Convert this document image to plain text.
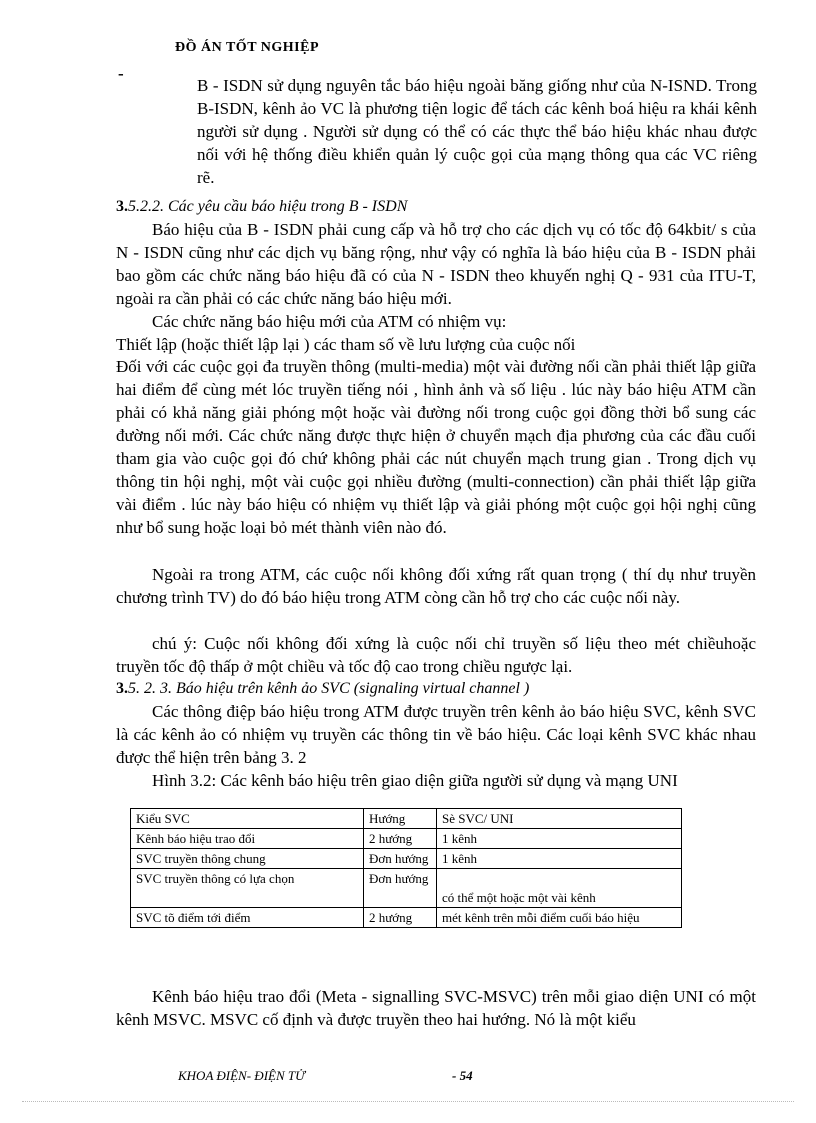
ĐỒ ÁN TỐT NGHIỆP
-

B - ISDN sử dụng nguyên tắc báo hiệu ngoài băng giống như của N-ISND. Trong B-ISDN, kênh ảo VC là phương tiện logic để tách các kênh boá hiệu ra khái kênh người sử dụng . Người sử dụng có thể có các thực thể báo hiệu khác nhau được nối với hệ thống điều khiển quản lý cuộc gọi của mạng thông qua các VC riêng rẽ.

3.5.2.2. Các yêu cầu báo hiệu trong B - ISDN

Báo hiệu của B - ISDN phải cung cấp và hỗ trợ cho các dịch vụ có tốc độ 64kbit/ s của N - ISDN cũng như các dịch vụ băng rộng, như vậy có nghĩa là báo hiệu của B - ISDN phải bao gồm các chức năng báo hiệu đã có của N - ISDN theo khuyến nghị Q - 931 của ITU-T, ngoài ra cần phải có các chức năng báo hiệu mới.

Các chức năng báo hiệu mới của ATM có nhiệm vụ:

Thiết lập (hoặc thiết lập lại ) các tham số về lưu lượng của cuộc nối

Đối với các cuộc gọi đa truyền thông (multi-media) một vài đường nối cần phải thiết lập giữa hai điểm để cùng mét lóc truyền tiếng nói , hình ảnh và số liệu . lúc này báo hiệu ATM cần phải có khả năng giải phóng một hoặc vài đường nối trong cuộc gọi đồng thời bổ sung các đường nối mới. Các chức năng được thực hiện ở chuyển mạch địa phương của các đầu cuối tham gia vào cuộc gọi đó chứ không phải các nút chuyển mạch trung gian . Trong dịch vụ thông tin hội nghị, một vài cuộc gọi nhiều đường (multi-connection) cần phải thiết lập giữa vài điểm . lúc này báo hiệu có nhiệm vụ thiết lập và giải phóng một cuộc gọi hội nghị cũng như bổ sung hoặc loại bỏ mét thành viên nào đó.

Ngoài ra trong ATM, các cuộc nối không đối xứng rất quan trọng ( thí dụ như truyền chương trình TV) do đó báo hiệu trong ATM còng cần hỗ trợ cho các cuộc nối này.

chú ý: Cuộc nối không đối xứng là cuộc nối chỉ truyền số liệu theo mét chiềuhoặc truyền tốc độ thấp ở một chiều và tốc độ cao trong chiều ngược lại.

3.5. 2. 3. Báo hiệu trên kênh ảo SVC (signaling virtual channel )

Các thông điệp báo hiệu trong ATM được truyền trên kênh ảo báo hiệu SVC, kênh SVC là các kênh ảo có nhiệm vụ truyền các thông tin về báo hiệu. Các loại kênh SVC khác nhau được thể hiện trên bảng 3. 2

Hình 3.2: Các kênh báo hiệu trên giao diện giữa người sử dụng và mạng UNI

Kiểu SVC	Hướng	Sè SVC/ UNI
Kênh báo hiệu trao đổi	2 hướng	1 kênh
SVC truyền thông chung	Đơn hướng	1 kênh
SVC truyền thông có lựa chọn	Đơn hướng	có thể một hoặc một vài kênh
SVC tõ điểm tới điểm	2 hướng	mét kênh trên mỗi điểm cuối báo hiệu

Kênh báo hiệu trao đổi (Meta - signalling SVC-MSVC) trên mỗi giao diện UNI có một kênh MSVC. MSVC cố định và được truyền theo hai hướng. Nó là một kiểu

KHOA ĐIỆN- ĐIỆN TỬ	- 54
